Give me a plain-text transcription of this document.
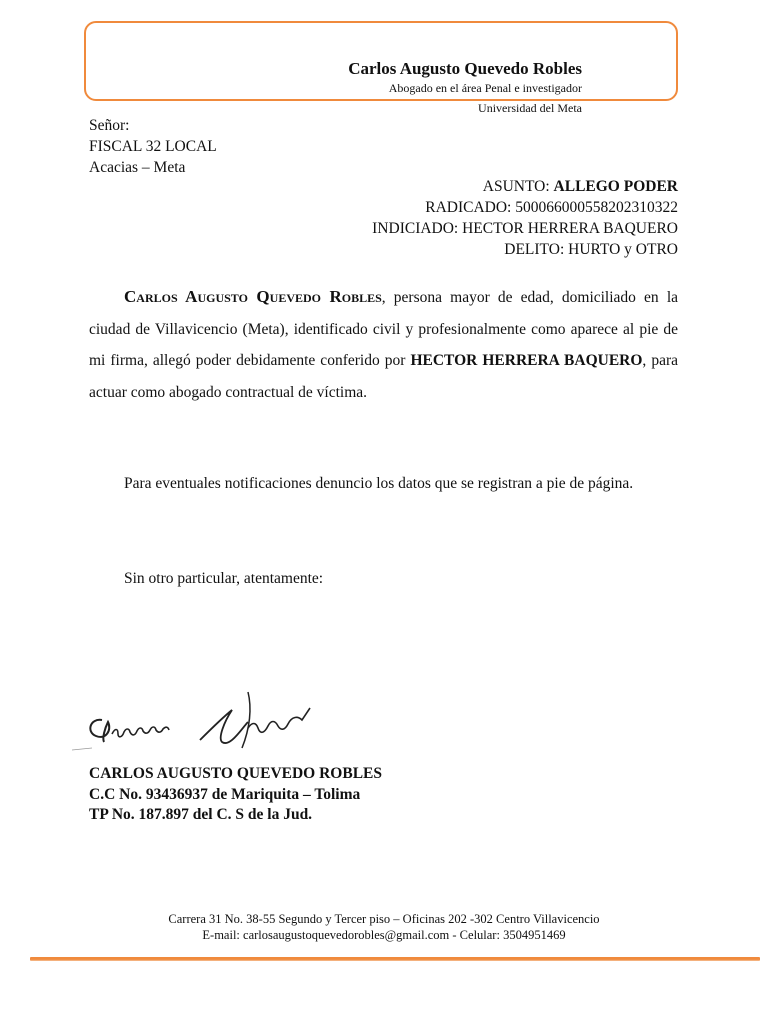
Carlos Augusto Quevedo Robles
Abogado en el área Penal e investigador
Universidad del Meta
Señor:
FISCAL 32 LOCAL
Acacias – Meta
ASUNTO: ALLEGO PODER
RADICADO: 500066000558202310322
INDICIADO: HECTOR HERRERA BAQUERO
DELITO: HURTO y OTRO

Carlos Augusto Quevedo Robles, persona mayor de edad, domiciliado en la ciudad de Villavicencio (Meta), identificado civil y profesionalmente como aparece al pie de mi firma, allegó poder debidamente conferido por HECTOR HERRERA BAQUERO, para actuar como abogado contractual de víctima.

Para eventuales notificaciones denuncio los datos que se registran a pie de página.

Sin otro particular, atentamente:

CARLOS AUGUSTO QUEVEDO ROBLES
C.C No. 93436937 de Mariquita – Tolima
TP No. 187.897 del C. S de la Jud.
Carrera 31 No. 38-55 Segundo y Tercer piso – Oficinas 202 -302 Centro Villavicencio
E-mail: carlosaugustoquevedorobles@gmail.com - Celular: 3504951469
